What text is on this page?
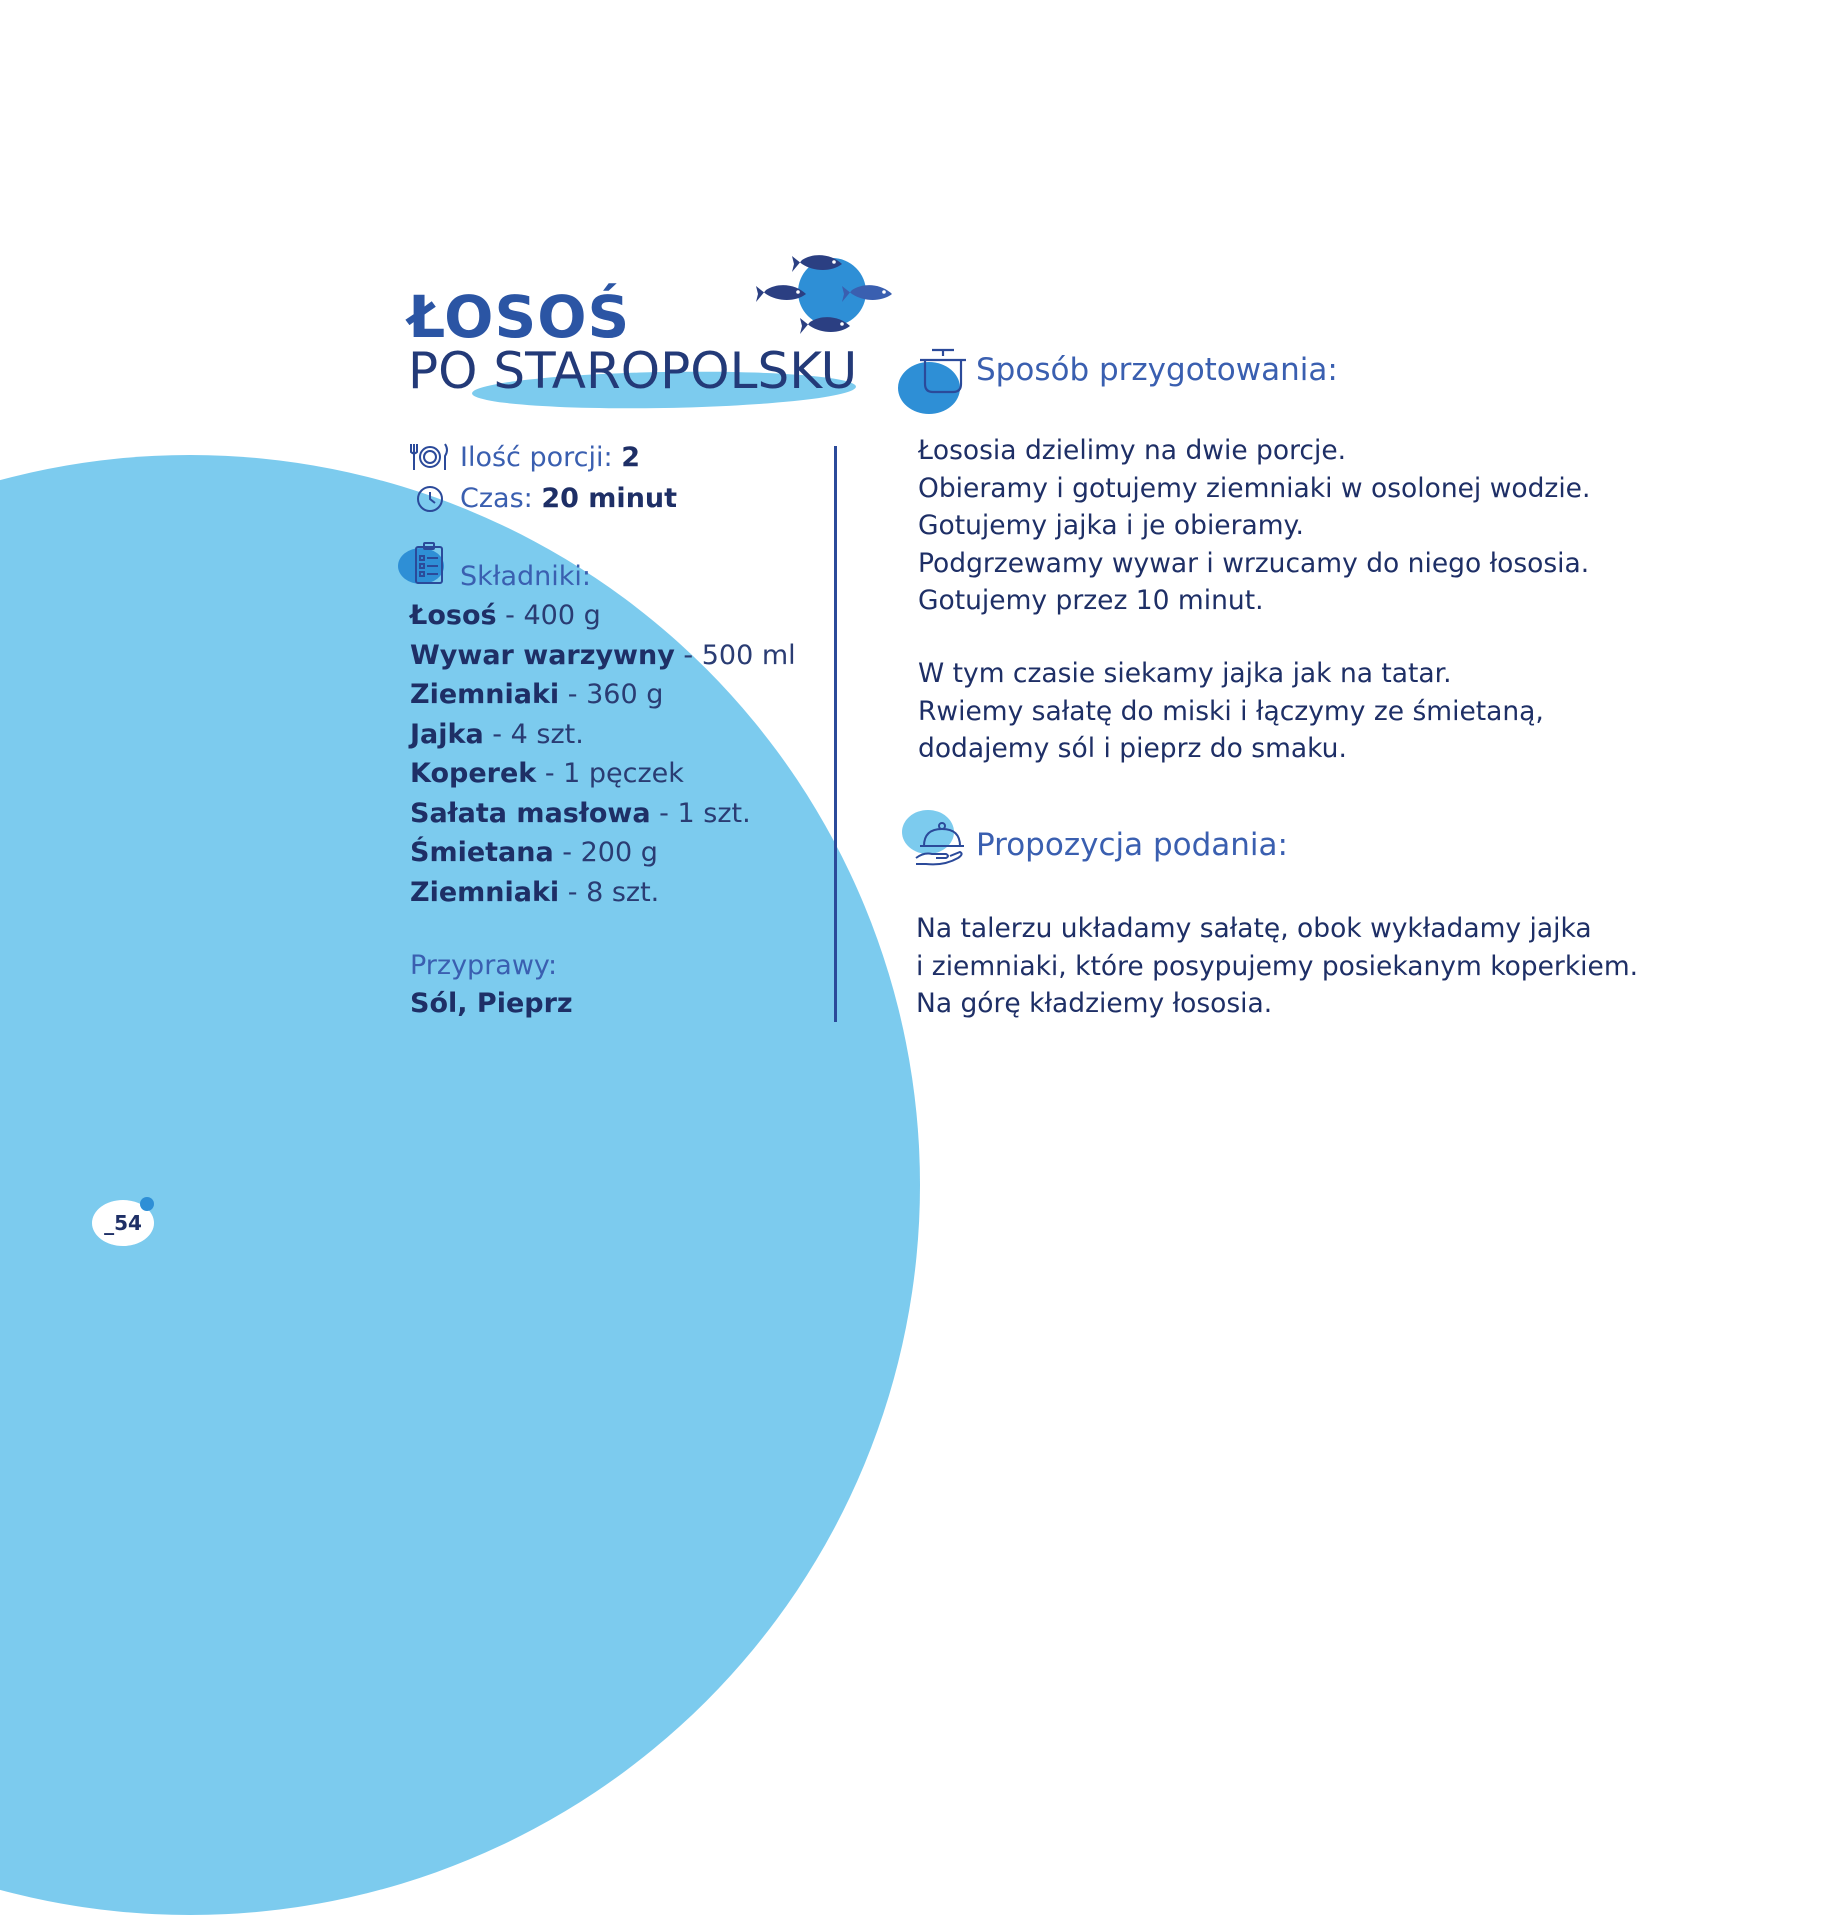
ŁOSOŚ
PO STAROPOLSKU
Ilość porcji: 2
Czas: 20 minut
Składniki:
Łosoś - 400 g
Wywar warzywny - 500 ml
Ziemniaki - 360 g
Jajka - 4 szt.
Koperek - 1 pęczek
Sałata masłowa - 1 szt.
Śmietana - 200 g
Ziemniaki - 8 szt.
Przyprawy:
Sól, Pieprz
Sposób przygotowania:
Łososia dzielimy na dwie porcje.
Obieramy i gotujemy ziemniaki w osolonej wodzie.
Gotujemy jajka i je obieramy.
Podgrzewamy wywar i wrzucamy do niego łososia.
Gotujemy przez 10 minut.
W tym czasie siekamy jajka jak na tatar.
Rwiemy sałatę do miski i łączymy ze śmietaną,
dodajemy sól i pieprz do smaku.
Propozycja podania:
Na talerzu układamy sałatę, obok wykładamy jajka
i ziemniaki, które posypujemy posiekanym koperkiem.
Na górę kładziemy łososia.
_54
